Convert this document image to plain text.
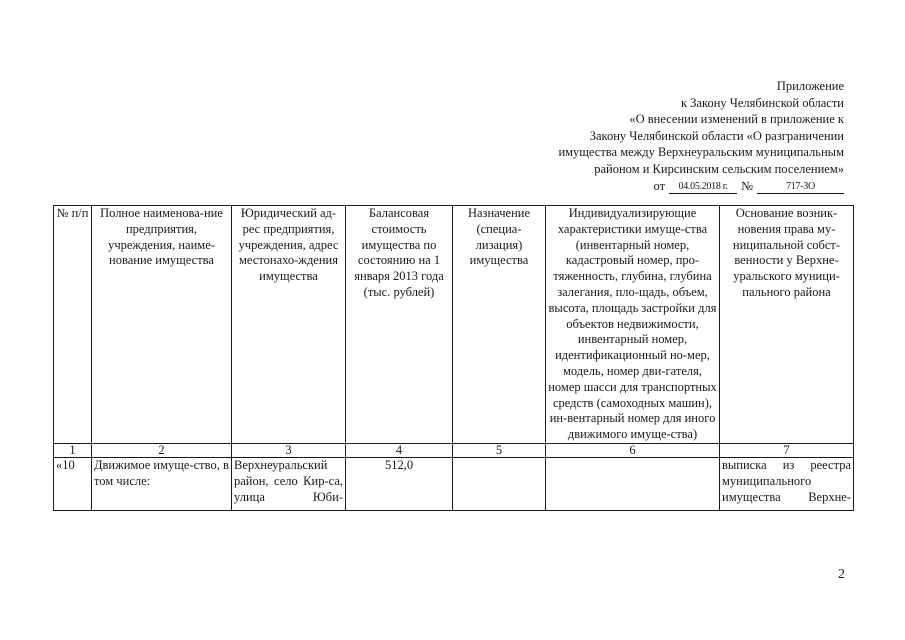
Приложение
к Закону Челябинской области
«О внесении изменений в приложение к
Закону Челябинской области «О разграничении
имущества между Верхнеуральским муниципальным
районом и Кирсинским сельским поселением»
от	04.05.2018 г.	№	717-ЗО
№ п/п	Полное наименова-ние предприятия, учреждения, наиме-нование имущества	Юридический ад-рес предприятия, учреждения, адрес местонахо-ждения имущества	Балансовая стоимость имущества по состоянию на 1 января 2013 года (тыс. рублей)	Назначение (специа-лизация) имущества	Индивидуализирующие характеристики имуще-ства (инвентарный номер, кадастровый номер, про-тяженность, глубина, глубина залегания, пло-щадь, объем, высота, площадь застройки для объектов недвижимости, инвентарный номер, идентификационный но-мер, модель, номер дви-гателя, номер шасси для транспортных средств (самоходных машин), ин-вентарный номер для иного движимого имуще-ства)	Основание возник-новения права му-ниципальной собст-венности у Верхне-уральского муници-пального района
1	2	3	4	5	6	7
«10	Движимое имуще-ство, в том числе:	Верхнеуральский район, село Кир-са, улица Юби-	512,0			выписка из реестра муниципального имущества Верхне-
2
